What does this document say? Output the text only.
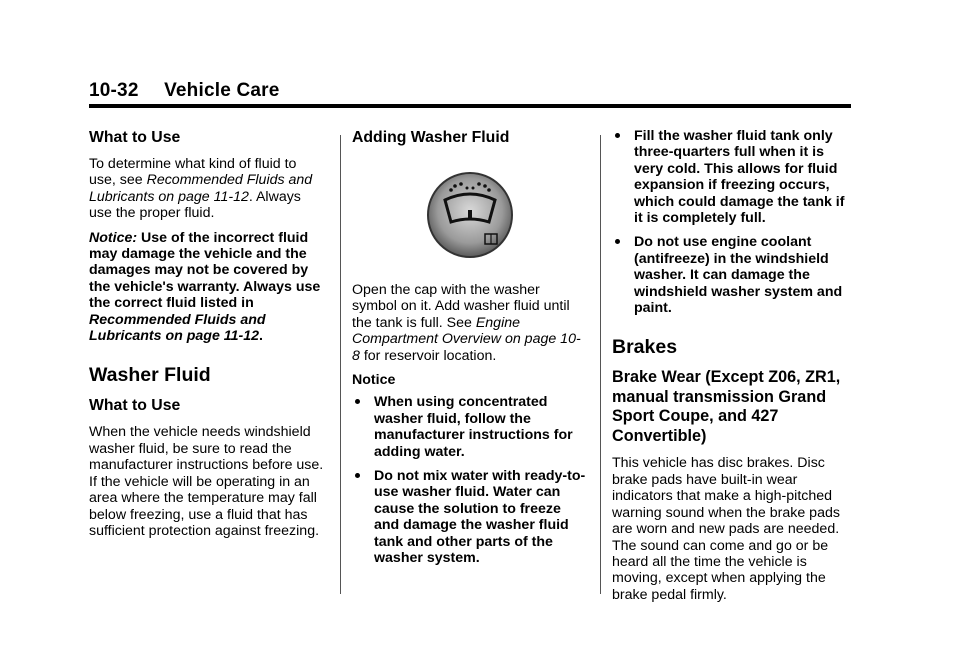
10-32 Vehicle Care
What to Use

To determine what kind of fluid to use, see Recommended Fluids and Lubricants on page 11-12. Always use the proper fluid.

Notice: Use of the incorrect fluid may damage the vehicle and the damages may not be covered by the vehicle's warranty. Always use the correct fluid listed in Recommended Fluids and Lubricants on page 11-12.

Washer Fluid
What to Use

When the vehicle needs windshield washer fluid, be sure to read the manufacturer instructions before use. If the vehicle will be operating in an area where the temperature may fall below freezing, use a fluid that has sufficient protection against freezing.

Adding Washer Fluid

Open the cap with the washer symbol on it. Add washer fluid until the tank is full. See Engine Compartment Overview on page 10-8 for reservoir location.

Notice

When using concentrated washer fluid, follow the manufacturer instructions for adding water.
Do not mix water with ready-to-use washer fluid. Water can cause the solution to freeze and damage the washer fluid tank and other parts of the washer system.
Fill the washer fluid tank only three-quarters full when it is very cold. This allows for fluid expansion if freezing occurs, which could damage the tank if it is completely full.
Do not use engine coolant (antifreeze) in the windshield washer. It can damage the windshield washer system and paint.
Brakes
Brake Wear (Except Z06, ZR1, manual transmission Grand Sport Coupe, and 427 Convertible)

This vehicle has disc brakes. Disc brake pads have built-in wear indicators that make a high-pitched warning sound when the brake pads are worn and new pads are needed. The sound can come and go or be heard all the time the vehicle is moving, except when applying the brake pedal firmly.
